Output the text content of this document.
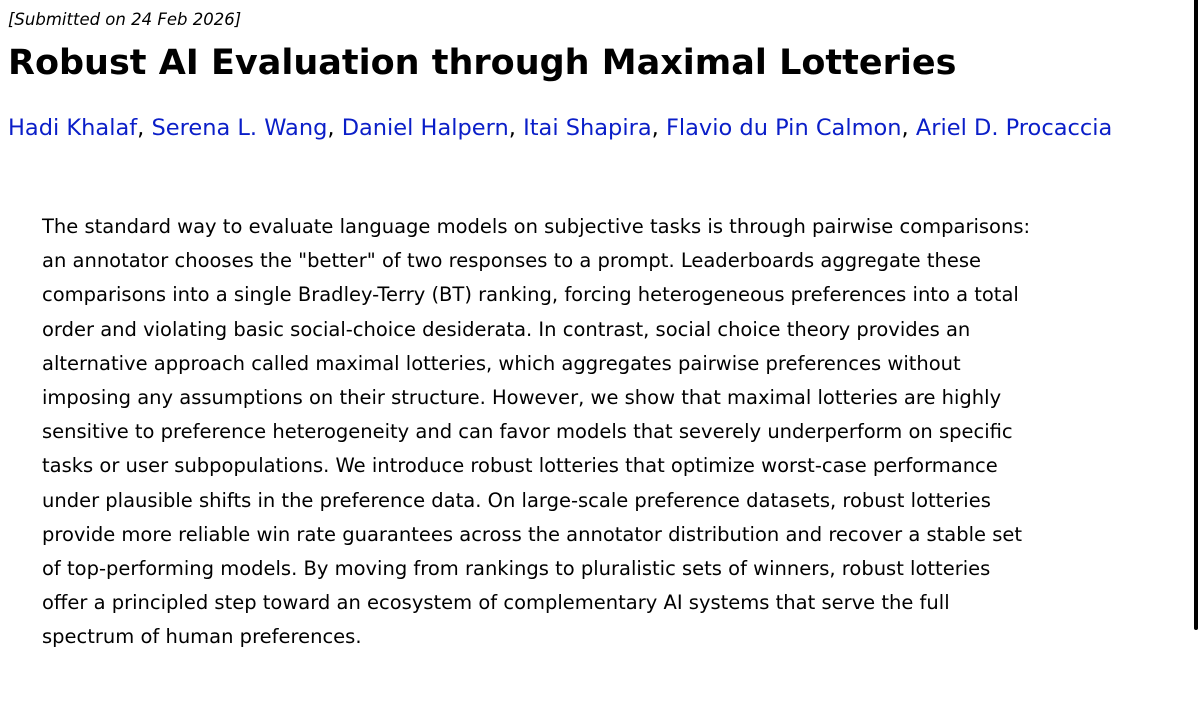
[Submitted on 24 Feb 2026]
Robust AI Evaluation through Maximal Lotteries
Hadi Khalaf, Serena L. Wang, Daniel Halpern, Itai Shapira, Flavio du Pin Calmon, Ariel D. Procaccia
The standard way to evaluate language models on subjective tasks is through pairwise comparisons:
an annotator chooses the "better" of two responses to a prompt. Leaderboards aggregate these
comparisons into a single Bradley-Terry (BT) ranking, forcing heterogeneous preferences into a total
order and violating basic social-choice desiderata. In contrast, social choice theory provides an
alternative approach called maximal lotteries, which aggregates pairwise preferences without
imposing any assumptions on their structure. However, we show that maximal lotteries are highly
sensitive to preference heterogeneity and can favor models that severely underperform on specific
tasks or user subpopulations. We introduce robust lotteries that optimize worst-case performance
under plausible shifts in the preference data. On large-scale preference datasets, robust lotteries
provide more reliable win rate guarantees across the annotator distribution and recover a stable set
of top-performing models. By moving from rankings to pluralistic sets of winners, robust lotteries
offer a principled step toward an ecosystem of complementary AI systems that serve the full
spectrum of human preferences.
